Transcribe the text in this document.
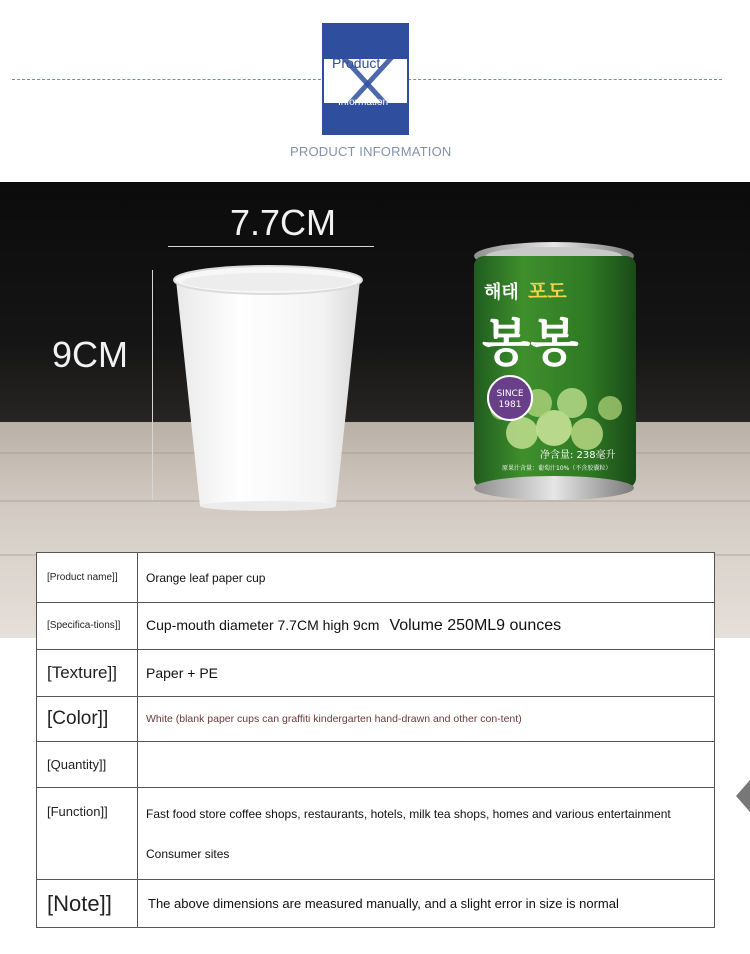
Product
Information
PRODUCT INFORMATION
SINCE
1981
해태 포도
봉봉
净含量: 238毫升
原果汁含量：葡萄汁10%（不含胶囊粒）
7.7CM
9CM
[Product name]]	Orange leaf paper cup
[Specifica-tions]]	Cup-mouth diameter 7.7CM high 9cm Volume 250ML9 ounces
[Texture]]	Paper + PE
[Color]]	White (blank paper cups can graffiti kindergarten hand-drawn and other con-tent)

[Quantity]]	
[Function]]	Fast food store coffee shops, restaurants, hotels, milk tea shops, homes and various entertainment
Consumer sites

[Note]]	The above dimensions are measured manually, and a slight error in size is normal
